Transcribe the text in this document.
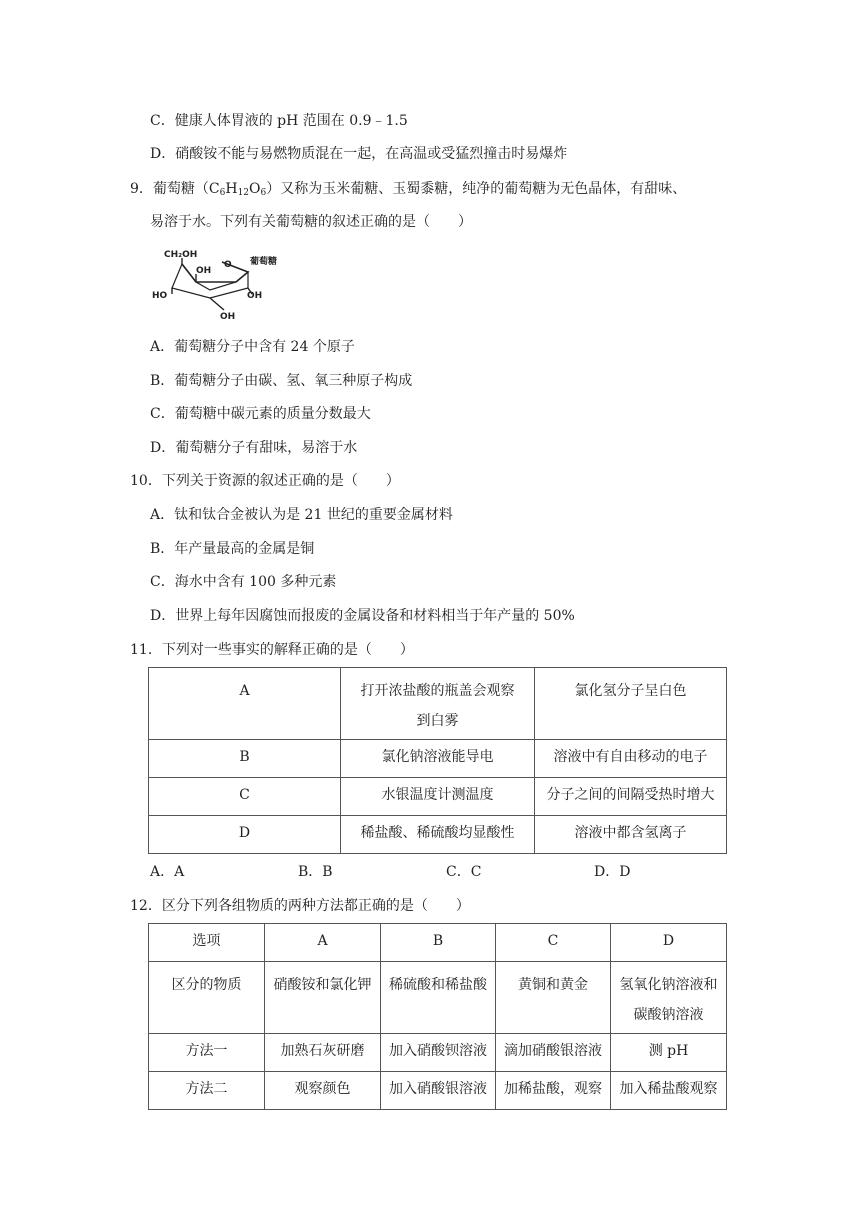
C．健康人体胃液的 pH 范围在 0.9﹣1.5
D．硝酸铵不能与易燃物质混在一起，在高温或受猛烈撞击时易爆炸
9．葡萄糖$(C_6H_{12}O_6)$又称为玉米葡糖、玉蜀黍糖，纯净的葡萄糖为无色晶体，有甜味、
易溶于水。下列有关葡萄糖的叙述正确的是（　　）
CH₂OH
O
OH
HO	OH
OH
葡萄糖
A．葡萄糖分子中含有 24 个原子
B．葡萄糖分子由碳、氢、氧三种原子构成
C．葡萄糖中碳元素的质量分数最大
D．葡萄糖分子有甜味，易溶于水
10．下列关于资源的叙述正确的是（　　）
A．钛和钛合金被认为是 21 世纪的重要金属材料
B．年产量最高的金属是铜
C．海水中含有 100 多种元素
D．世界上每年因腐蚀而报废的金属设备和材料相当于年产量的 50%
11．下列对一些事实的解释正确的是（　　）
A	打开浓盐酸的瓶盖会观察到白雾	氯化氢分子呈白色
B	氯化钠溶液能导电	溶液中有自由移动的电子
C	水银温度计测温度	分子之间的间隔受热时增大
D	稀盐酸、稀硫酸均显酸性	溶液中都含氢离子
A．A	B．B	C．C	D．D
12．区分下列各组物质的两种方法都正确的是（　　）
选项	A	B	C	D
区分的物质	硝酸铵和氯化钾	稀硫酸和稀盐酸	黄铜和黄金	氢氧化钠溶液和碳酸钠溶液
方法一	加熟石灰研磨	加入硝酸钡溶液	滴加硝酸银溶液	测 pH
方法二	观察颜色	加入硝酸银溶液	加稀盐酸，观察	加入稀盐酸观察
